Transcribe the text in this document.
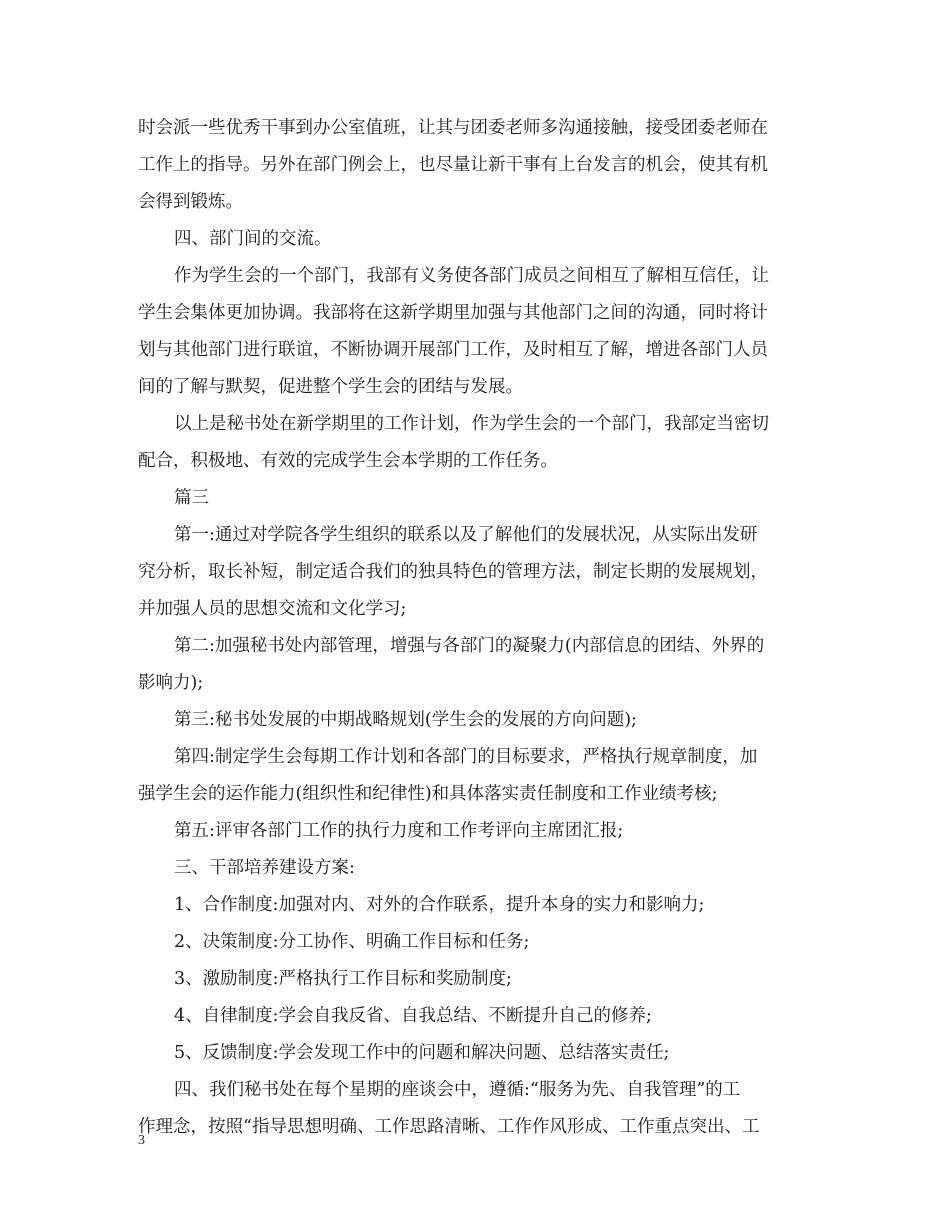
时会派一些优秀干事到办公室值班，让其与团委老师多沟通接触，接受团委老师在
工作上的指导。另外在部门例会上，也尽量让新干事有上台发言的机会，使其有机
会得到锻炼。
四、部门间的交流。
作为学生会的一个部门，我部有义务使各部门成员之间相互了解相互信任，让
学生会集体更加协调。我部将在这新学期里加强与其他部门之间的沟通，同时将计
划与其他部门进行联谊，不断协调开展部门工作，及时相互了解，增进各部门人员
间的了解与默契，促进整个学生会的团结与发展。
以上是秘书处在新学期里的工作计划，作为学生会的一个部门，我部定当密切
配合，积极地、有效的完成学生会本学期的工作任务。
篇三
第一:通过对学院各学生组织的联系以及了解他们的发展状况，从实际出发研
究分析，取长补短，制定适合我们的独具特色的管理方法，制定长期的发展规划，
并加强人员的思想交流和文化学习;
第二:加强秘书处内部管理，增强与各部门的凝聚力(内部信息的团结、外界的
影响力);
第三:秘书处发展的中期战略规划(学生会的发展的方向问题);
第四:制定学生会每期工作计划和各部门的目标要求，严格执行规章制度，加
强学生会的运作能力(组织性和纪律性)和具体落实责任制度和工作业绩考核;
第五:评审各部门工作的执行力度和工作考评向主席团汇报;
三、干部培养建设方案:
1、合作制度:加强对内、对外的合作联系，提升本身的实力和影响力;
2、决策制度:分工协作、明确工作目标和任务;
3、激励制度:严格执行工作目标和奖励制度;
4、自律制度:学会自我反省、自我总结、不断提升自己的修养;
5、反馈制度:学会发现工作中的问题和解决问题、总结落实责任;
四、我们秘书处在每个星期的座谈会中，遵循:“服务为先、自我管理”的工
作理念，按照“指导思想明确、工作思路清晰、工作作风形成、工作重点突出、工
3
